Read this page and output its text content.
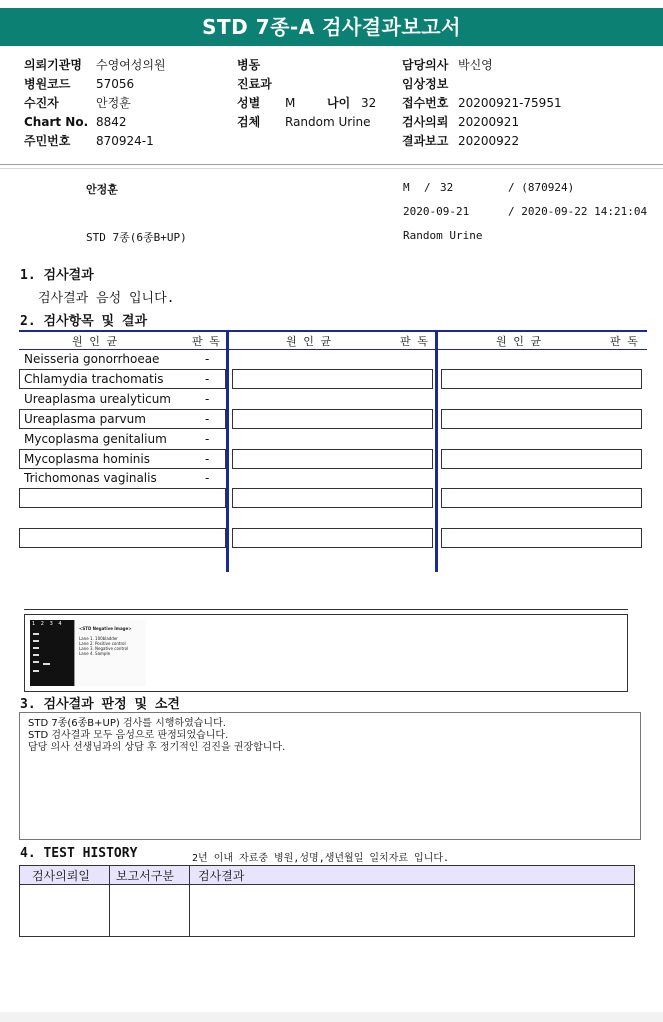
STD 7종-A 검사결과보고서
의뢰기관명 수영여성의원
병원코드 57056
수진자	안정훈
Chart No. 8842
주민번호 870924-1
병동
진료과
성별 M	나이 32
검체 Random Urine
담당의사 박신영
임상정보
접수번호 20200921-75951
검사의뢰 20200921
결과보고 20200922
안정훈	M / 32	/ (870924)
2020-09-21	/ 2020-09-22 14:21:04
STD 7종(6종B+UP)	Random Urine
1. 검사결과
검사결과 음성 입니다.
2. 검사항목 및 결과
원 인 균	판 독	원 인 균	판 독	원 인 균	판 독
Neisseria gonorrhoeae	-
Chlamydia trachomatis	-
Ureaplasma urealyticum	-
Ureaplasma parvum	-
Mycoplasma genitalium	-
Mycoplasma hominis	-
Trichomonas vaginalis	-
1 2 3 4
<STD Negative Image>
Lane 1. 100bladder
Lane 2. Positive control
Lane 3. Negative control
Lane 4. Sample
3. 검사결과 판정 및 소견

STD 7종(6종B+UP) 검사를 시행하였습니다.

STD 검사결과 모두 음성으로 판정되었습니다.

담당 의사 선생님과의 상담 후 정기적인 검진을 권장합니다.

4. TEST HISTORY	2년 이내 자료중 병원,성명,생년월일 일치자료 입니다.
검사의뢰일	보고서구분	검사결과
